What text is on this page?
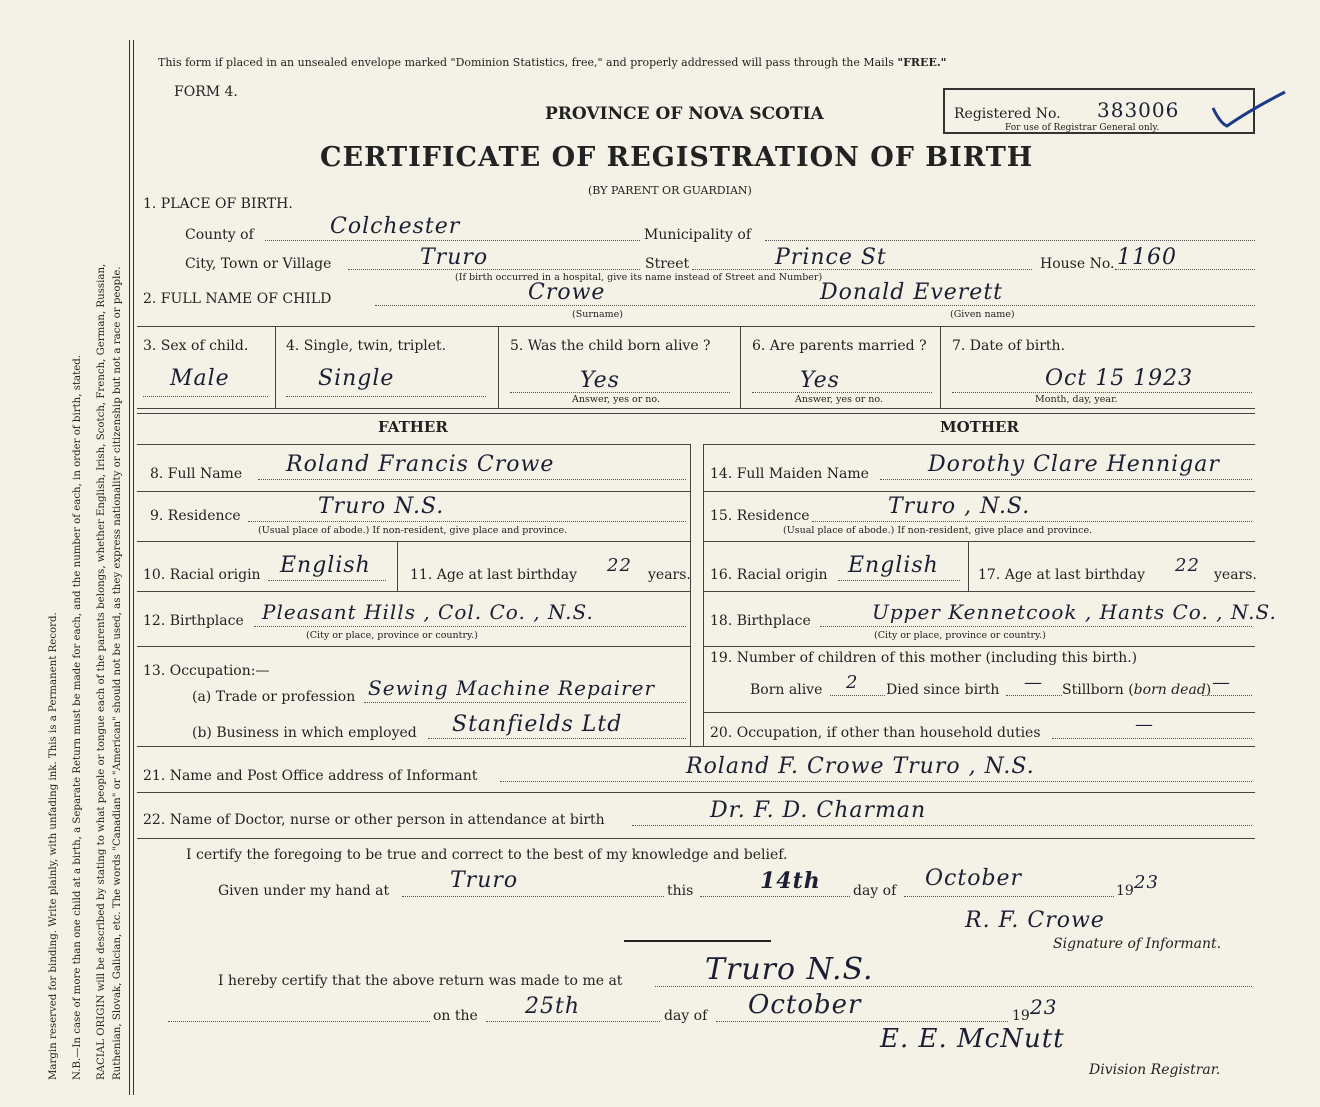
Margin reserved for binding. Write plainly, with unfading ink. This is a Permanent Record. N.B.—In case of more than one child at a birth, a Separate Return must be made for each, and the number of each, in order of birth, stated. RACIAL ORIGIN will be described by stating to what people or tongue each of the parents belongs, whether English, Irish, Scotch, French, German, Russian, Ruthenian, Slovak, Galician, etc. The words "Canadian" or "American" should not be used, as they express nationality or citizenship but not a race or people.
This form if placed in an unsealed envelope marked "Dominion Statistics, free," and properly addressed will pass through the Mails "FREE."
FORM 4.
PROVINCE OF NOVA SCOTIA
CERTIFICATE OF REGISTRATION OF BIRTH
(BY PARENT OR GUARDIAN)
Registered No. 383006
For use of Registrar General only.
1. PLACE OF BIRTH.
County of	Colchester	Municipality of
City, Town or Village	Truro	Street	Prince St	House No. 1160
(If birth occurred in a hospital, give its name instead of Street and Number)
2. FULL NAME OF CHILD	Crowe	Donald Everett
(Surname)	(Given name)
3. Sex of child.
Male
4. Single, twin, triplet.
Single
5. Was the child born alive ?
Yes
Answer, yes or no.
6. Are parents married ?
Yes
Answer, yes or no.
7. Date of birth.
Oct 15 1923
Month, day, year.
FATHER	MOTHER
8. Full Name Roland Francis Crowe
9. Residence	Truro N.S.
(Usual place of abode.) If non-resident, give place and province.
10. Racial origin English	11. Age at last birthday 22 years.
12. Birthplace Pleasant Hills , Col. Co. , N.S.
(City or place, province or country.)
13. Occupation:—
(a) Trade or profession Sewing Machine Repairer
(b) Business in which employed Stanfields Ltd
14. Full Maiden Name	Dorothy Clare Hennigar
15. Residence	Truro , N.S.
(Usual place of abode.) If non-resident, give place and province.
16. Racial origin English	17. Age at last birthday 22 years.
18. Birthplace	Upper Kennetcook , Hants Co. , N.S.
(City or place, province or country.)
19. Number of children of this mother (including this birth.)
Born alive 2 Died since birth — Stillborn (born dead) —
20. Occupation, if other than household duties	—
21. Name and Post Office address of Informant	Roland F. Crowe Truro , N.S.
22. Name of Doctor, nurse or other person in attendance at birth	Dr. F. D. Charman
I certify the foregoing to be true and correct to the best of my knowledge and belief.
Given under my hand at	Truro	this	14th day of October	19 23
R. F. Crowe
Signature of Informant.
I hereby certify that the above return was made to me at	Truro N.S.
on the 25th	day of October	19 23
E. E. McNutt
Division Registrar.
